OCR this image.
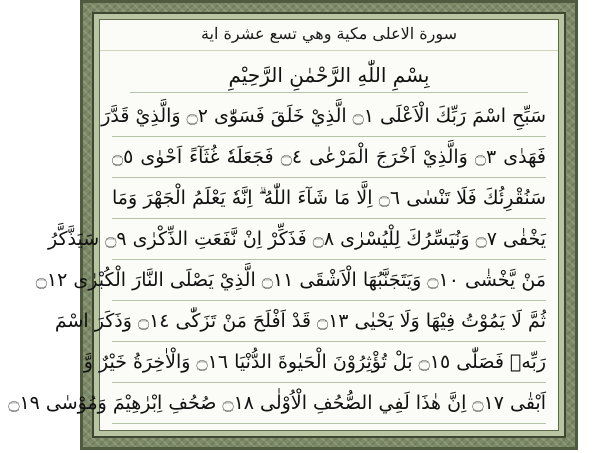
سورة الاعلى مكية وهي تسع عشرة اية
بِسْمِ اللّٰهِ الرَّحْمٰنِ الرَّحِيْمِ
سَبِّحِ اسْمَ رَبِّكَ الْاَعْلَى ۝١ الَّذِيْ خَلَقَ فَسَوّٰى ۝٢ وَالَّذِيْ قَدَّرَ
فَهَدٰى ۝٣ وَالَّذِيْ اَخْرَجَ الْمَرْعٰى ۝٤ فَجَعَلَهٗ غُثَآءً اَحْوٰى ۝٥
سَنُقْرِئُكَ فَلَا تَنْسٰى ۝٦ اِلَّا مَا شَآءَ اللّٰهُ ۗ اِنَّهٗ يَعْلَمُ الْجَهْرَ وَمَا
يَخْفٰى ۝٧ وَنُيَسِّرُكَ لِلْيُسْرٰى ۝٨ فَذَكِّرْ اِنْ نَّفَعَتِ الذِّكْرٰى ۝٩ سَيَذَّكَّرُ
مَنْ يَّخْشٰى ۝١٠ وَيَتَجَنَّبُهَا الْاَشْقَى ۝١١ الَّذِيْ يَصْلَى النَّارَ الْكُبْرٰى ۝١٢
ثُمَّ لَا يَمُوْتُ فِيْهَا وَلَا يَحْيٰى ۝١٣ قَدْ اَفْلَحَ مَنْ تَزَكّٰى ۝١٤ وَذَكَرَ اسْمَ
رَبِّهٖ فَصَلّٰى ۝١٥ بَلْ تُؤْثِرُوْنَ الْحَيٰوةَ الدُّنْيَا ۝١٦ وَالْاٰخِرَةُ خَيْرٌ وَّ
اَبْقٰى ۝١٧ اِنَّ هٰذَا لَفِي الصُّحُفِ الْاُوْلٰى ۝١٨ صُحُفِ اِبْرٰهِيْمَ وَمُوْسٰى ۝١٩
